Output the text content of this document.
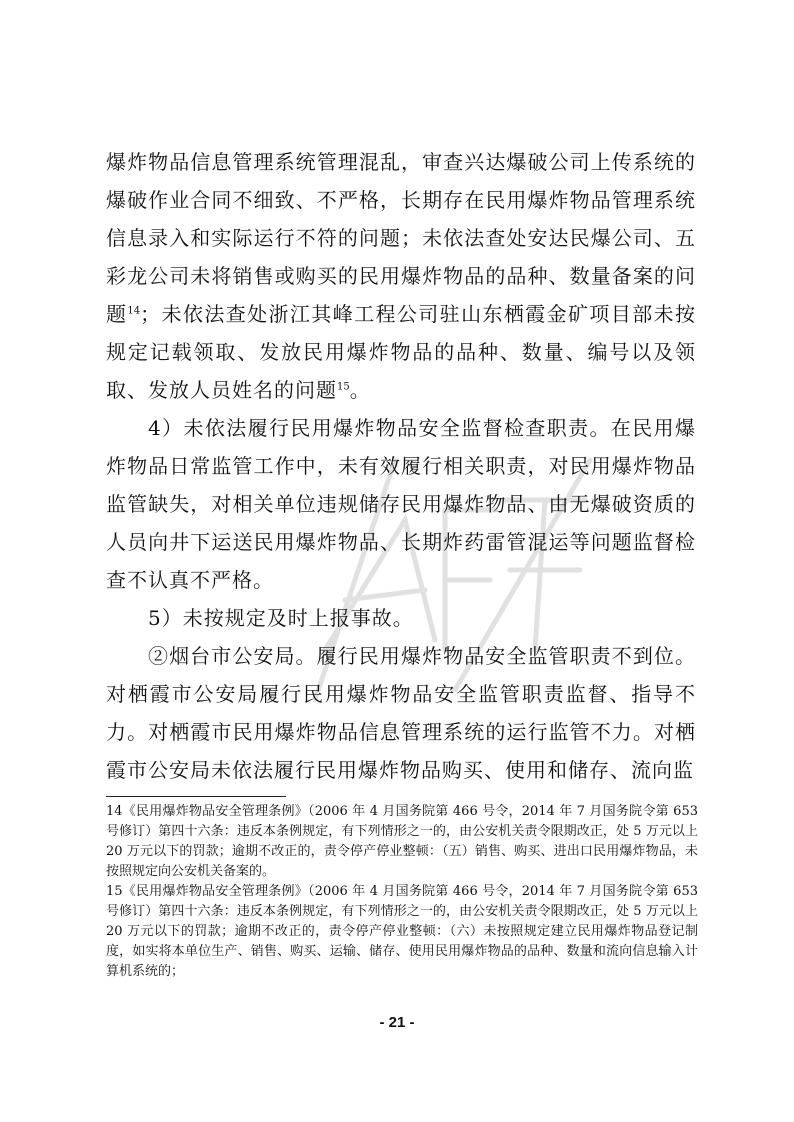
爆炸物品信息管理系统管理混乱，审查兴达爆破公司上传系统的爆破作业合同不细致、不严格，长期存在民用爆炸物品管理系统信息录入和实际运行不符的问题；未依法查处安达民爆公司、五彩龙公司未将销售或购买的民用爆炸物品的品种、数量备案的问题$^{14}$；未依法查处浙江其峰工程公司驻山东栖霞金矿项目部未按规定记载领取、发放民用爆炸物品的品种、数量、编号以及领取、发放人员姓名的问题$^{15}$。

4）未依法履行民用爆炸物品安全监督检查职责。在民用爆炸物品日常监管工作中，未有效履行相关职责，对民用爆炸物品监管缺失，对相关单位违规储存民用爆炸物品、由无爆破资质的人员向井下运送民用爆炸物品、长期炸药雷管混运等问题监督检查不认真不严格。

5）未按规定及时上报事故。

②烟台市公安局。履行民用爆炸物品安全监管职责不到位。对栖霞市公安局履行民用爆炸物品安全监管职责监督、指导不力。对栖霞市民用爆炸物品信息管理系统的运行监管不力。对栖霞市公安局未依法履行民用爆炸物品购买、使用和储存、流向监

14《民用爆炸物品安全管理条例》（2006 年 4 月国务院第 466 号令，2014 年 7 月国务院令第 653 号修订）第四十六条：违反本条例规定，有下列情形之一的，由公安机关责令限期改正，处 5 万元以上 20 万元以下的罚款；逾期不改正的，责令停产停业整顿：（五）销售、购买、进出口民用爆炸物品，未按照规定向公安机关备案的。

15《民用爆炸物品安全管理条例》（2006 年 4 月国务院第 466 号令，2014 年 7 月国务院令第 653 号修订）第四十六条：违反本条例规定，有下列情形之一的，由公安机关责令限期改正，处 5 万元以上 20 万元以下的罚款；逾期不改正的，责令停产停业整顿：（六）未按照规定建立民用爆炸物品登记制度，如实将本单位生产、销售、购买、运输、储存、使用民用爆炸物品的品种、数量和流向信息输入计算机系统的；

- 21 -
